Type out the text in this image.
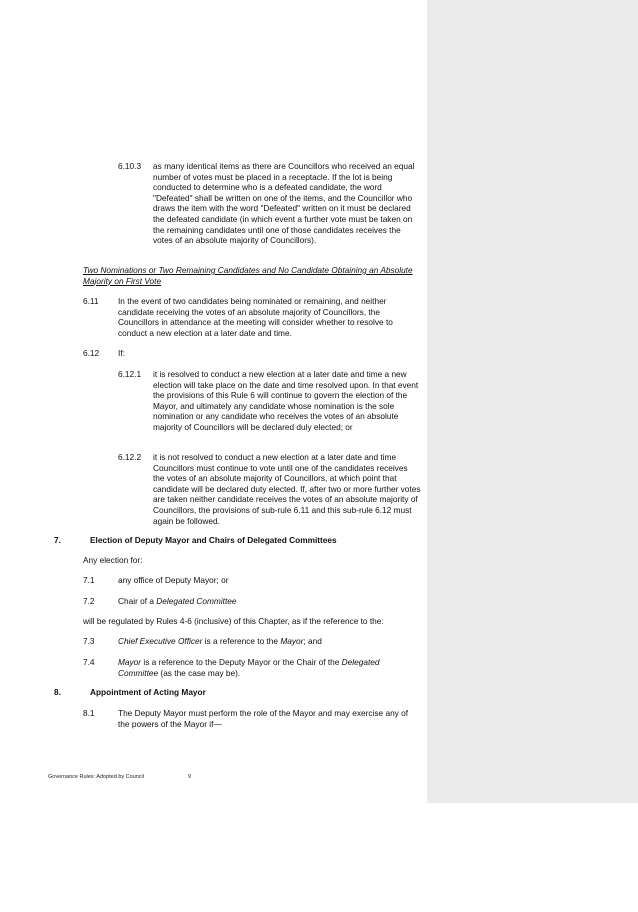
6.10.3 as many identical items as there are Councillors who received an equal number of votes must be placed in a receptacle. If the lot is being conducted to determine who is a defeated candidate, the word "Defeated" shall be written on one of the items, and the Councillor who draws the item with the word "Defeated" written on it must be declared the defeated candidate (in which event a further vote must be taken on the remaining candidates until one of those candidates receives the votes of an absolute majority of Councillors).

Two Nominations or Two Remaining Candidates and No Candidate Obtaining an Absolute Majority on First Vote

6.11 In the event of two candidates being nominated or remaining, and neither candidate receiving the votes of an absolute majority of Councillors, the Councillors in attendance at the meeting will consider whether to resolve to conduct a new election at a later date and time.

6.12 If:

6.12.1 it is resolved to conduct a new election at a later date and time a new election will take place on the date and time resolved upon. In that event the provisions of this Rule 6 will continue to govern the election of the Mayor, and ultimately any candidate whose nomination is the sole nomination or any candidate who receives the votes of an absolute majority of Councillors will be declared duly elected; or

6.12.2 it is not resolved to conduct a new election at a later date and time Councillors must continue to vote until one of the candidates receives the votes of an absolute majority of Councillors, at which point that candidate will be declared duty elected. If, after two or more further votes are taken neither candidate receives the votes of an absolute majority of Councillors, the provisions of sub-rule 6.11 and this sub-rule 6.12 must again be followed.

7.	Election of Deputy Mayor and Chairs of Delegated Committees

Any election for:

7.1	any office of Deputy Mayor; or

7.2	Chair of a Delegated Committee

will be regulated by Rules 4-6 (inclusive) of this Chapter, as if the reference to the:

7.3	Chief Executive Officer is a reference to the Mayor; and

7.4	Mayor is a reference to the Deputy Mayor or the Chair of the Delegated
Committee (as the case may be).

8.	Appointment of Acting Mayor

8.1	The Deputy Mayor must perform the role of the Mayor and may exercise any of the powers of the Mayor if—

Governance Rules: Adopted by Council	9
